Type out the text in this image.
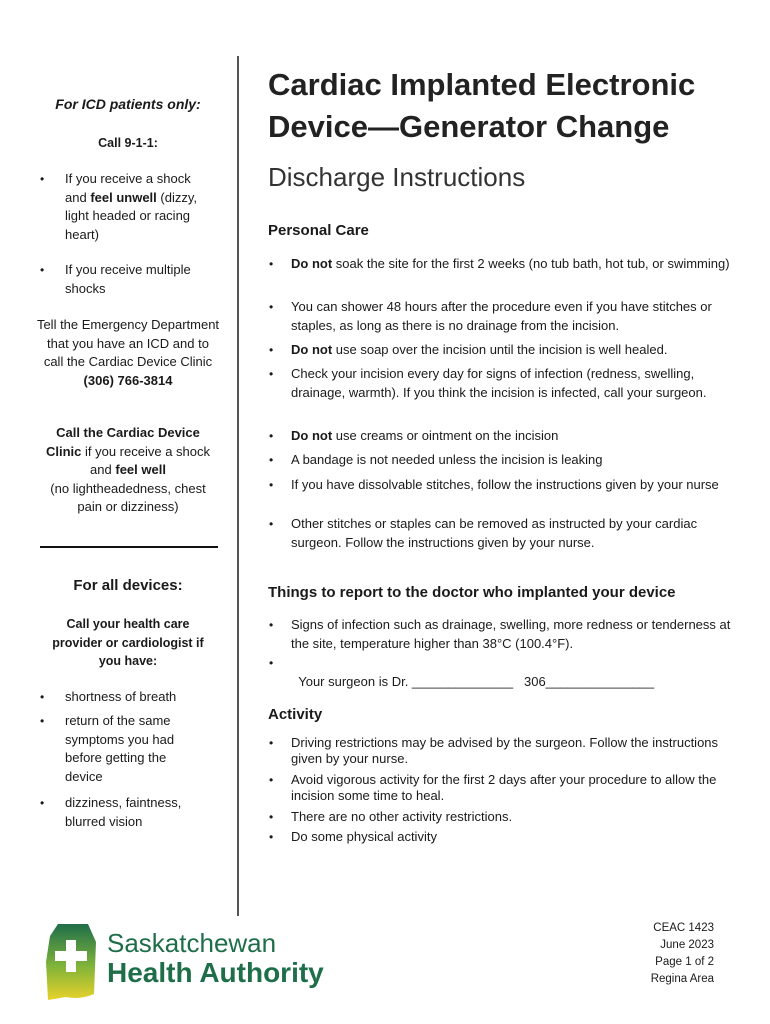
For ICD patients only:
Call 9-1-1:
• If you receive a shock and feel unwell (dizzy, light headed or racing heart)
• If you receive multiple shocks
Tell the Emergency Department that you have an ICD and to call the Cardiac Device Clinic
(306) 766-3814
Call the Cardiac Device Clinic if you receive a shock and feel well
(no lightheadedness, chest pain or dizziness)
For all devices:
Call your health care provider or cardiologist if you have:
• shortness of breath
• return of the same symptoms you had before getting the device
• dizziness, faintness, blurred vision
Cardiac Implanted Electronic Device—Generator Change
Discharge Instructions
Personal Care
• Do not soak the site for the first 2 weeks (no tub bath, hot tub, or swimming)
• You can shower 48 hours after the procedure even if you have stitches or staples, as long as there is no drainage from the incision.
• Do not use soap over the incision until the incision is well healed.
• Check your incision every day for signs of infection (redness, swelling, drainage, warmth). If you think the incision is infected, call your surgeon.
• Do not use creams or ointment on the incision
• A bandage is not needed unless the incision is leaking
• If you have dissolvable stitches, follow the instructions given by your nurse
• Other stitches or staples can be removed as instructed by your cardiac surgeon. Follow the instructions given by your nurse.
Things to report to the doctor who implanted your device
• Signs of infection such as drainage, swelling, more redness or tenderness at the site, temperature higher than 38°C (100.4°F).

•
Your surgeon is Dr. ______________   306_______________

Activity
• Driving restrictions may be advised by the surgeon. Follow the instructions given by your nurse.
• Avoid vigorous activity for the first 2 days after your procedure to allow the incision some time to heal.
• There are no other activity restrictions.
• Do some physical activity
Saskatchewan
Health Authority
CEAC 1423
June 2023
Page 1 of 2
Regina Area
